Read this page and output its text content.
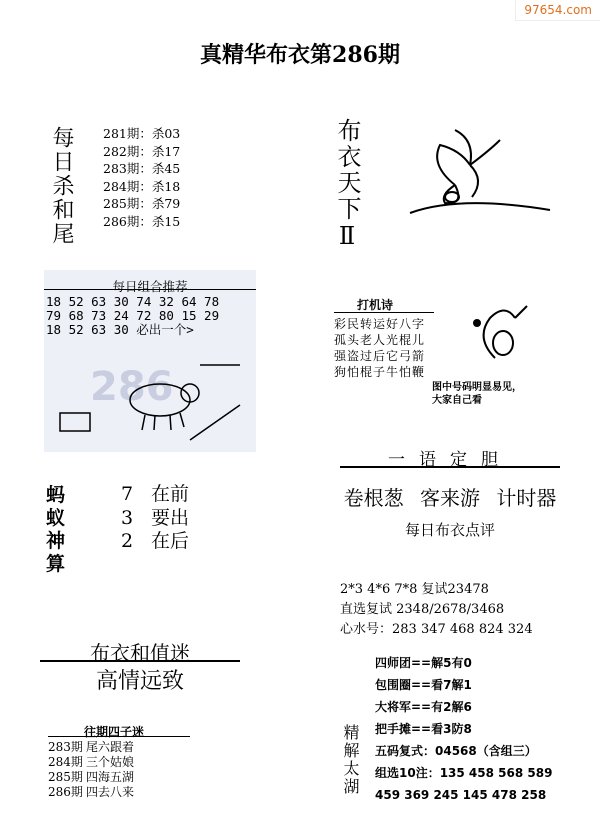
97654.com
真精华布衣第286期
每日杀和尾 281期：杀03
282期：杀17
283期：杀45
284期：杀18
285期：杀79
286期：杀15	布衣天下Ⅱ
286
每日组合推荐
18 52 63 30 74 32 64 78
79 68 73 24 72 80 15 29
18 52 63 30 必出一个>
打机诗
彩民转运好八字
孤头老人光棍儿
强盗过后它弓箭
狗怕棍子牛怕鞭
图中号码明显易见，
大家自己看
蚂蚁神算
7 在前
3 要出
2 在后
一语定胆
卷根葱 客来游 计时器
每日布衣点评
2*3 4*6 7*8 复试23478
直选复试 2348/2678/3468
心水号：283 347 468 824 324
布衣和值迷
高情远致
往期四子迷
283期 尾六跟着
284期 三个姑娘
285期 四海五湖
286期 四去八来	精解太湖
四师团==解5有0
包围圈==看7解1
大将军==有2解6
把手摊==看3防8
五码复式：04568（含组三）
组选10注：135 458 568 589
459 369 245 145 478 258
